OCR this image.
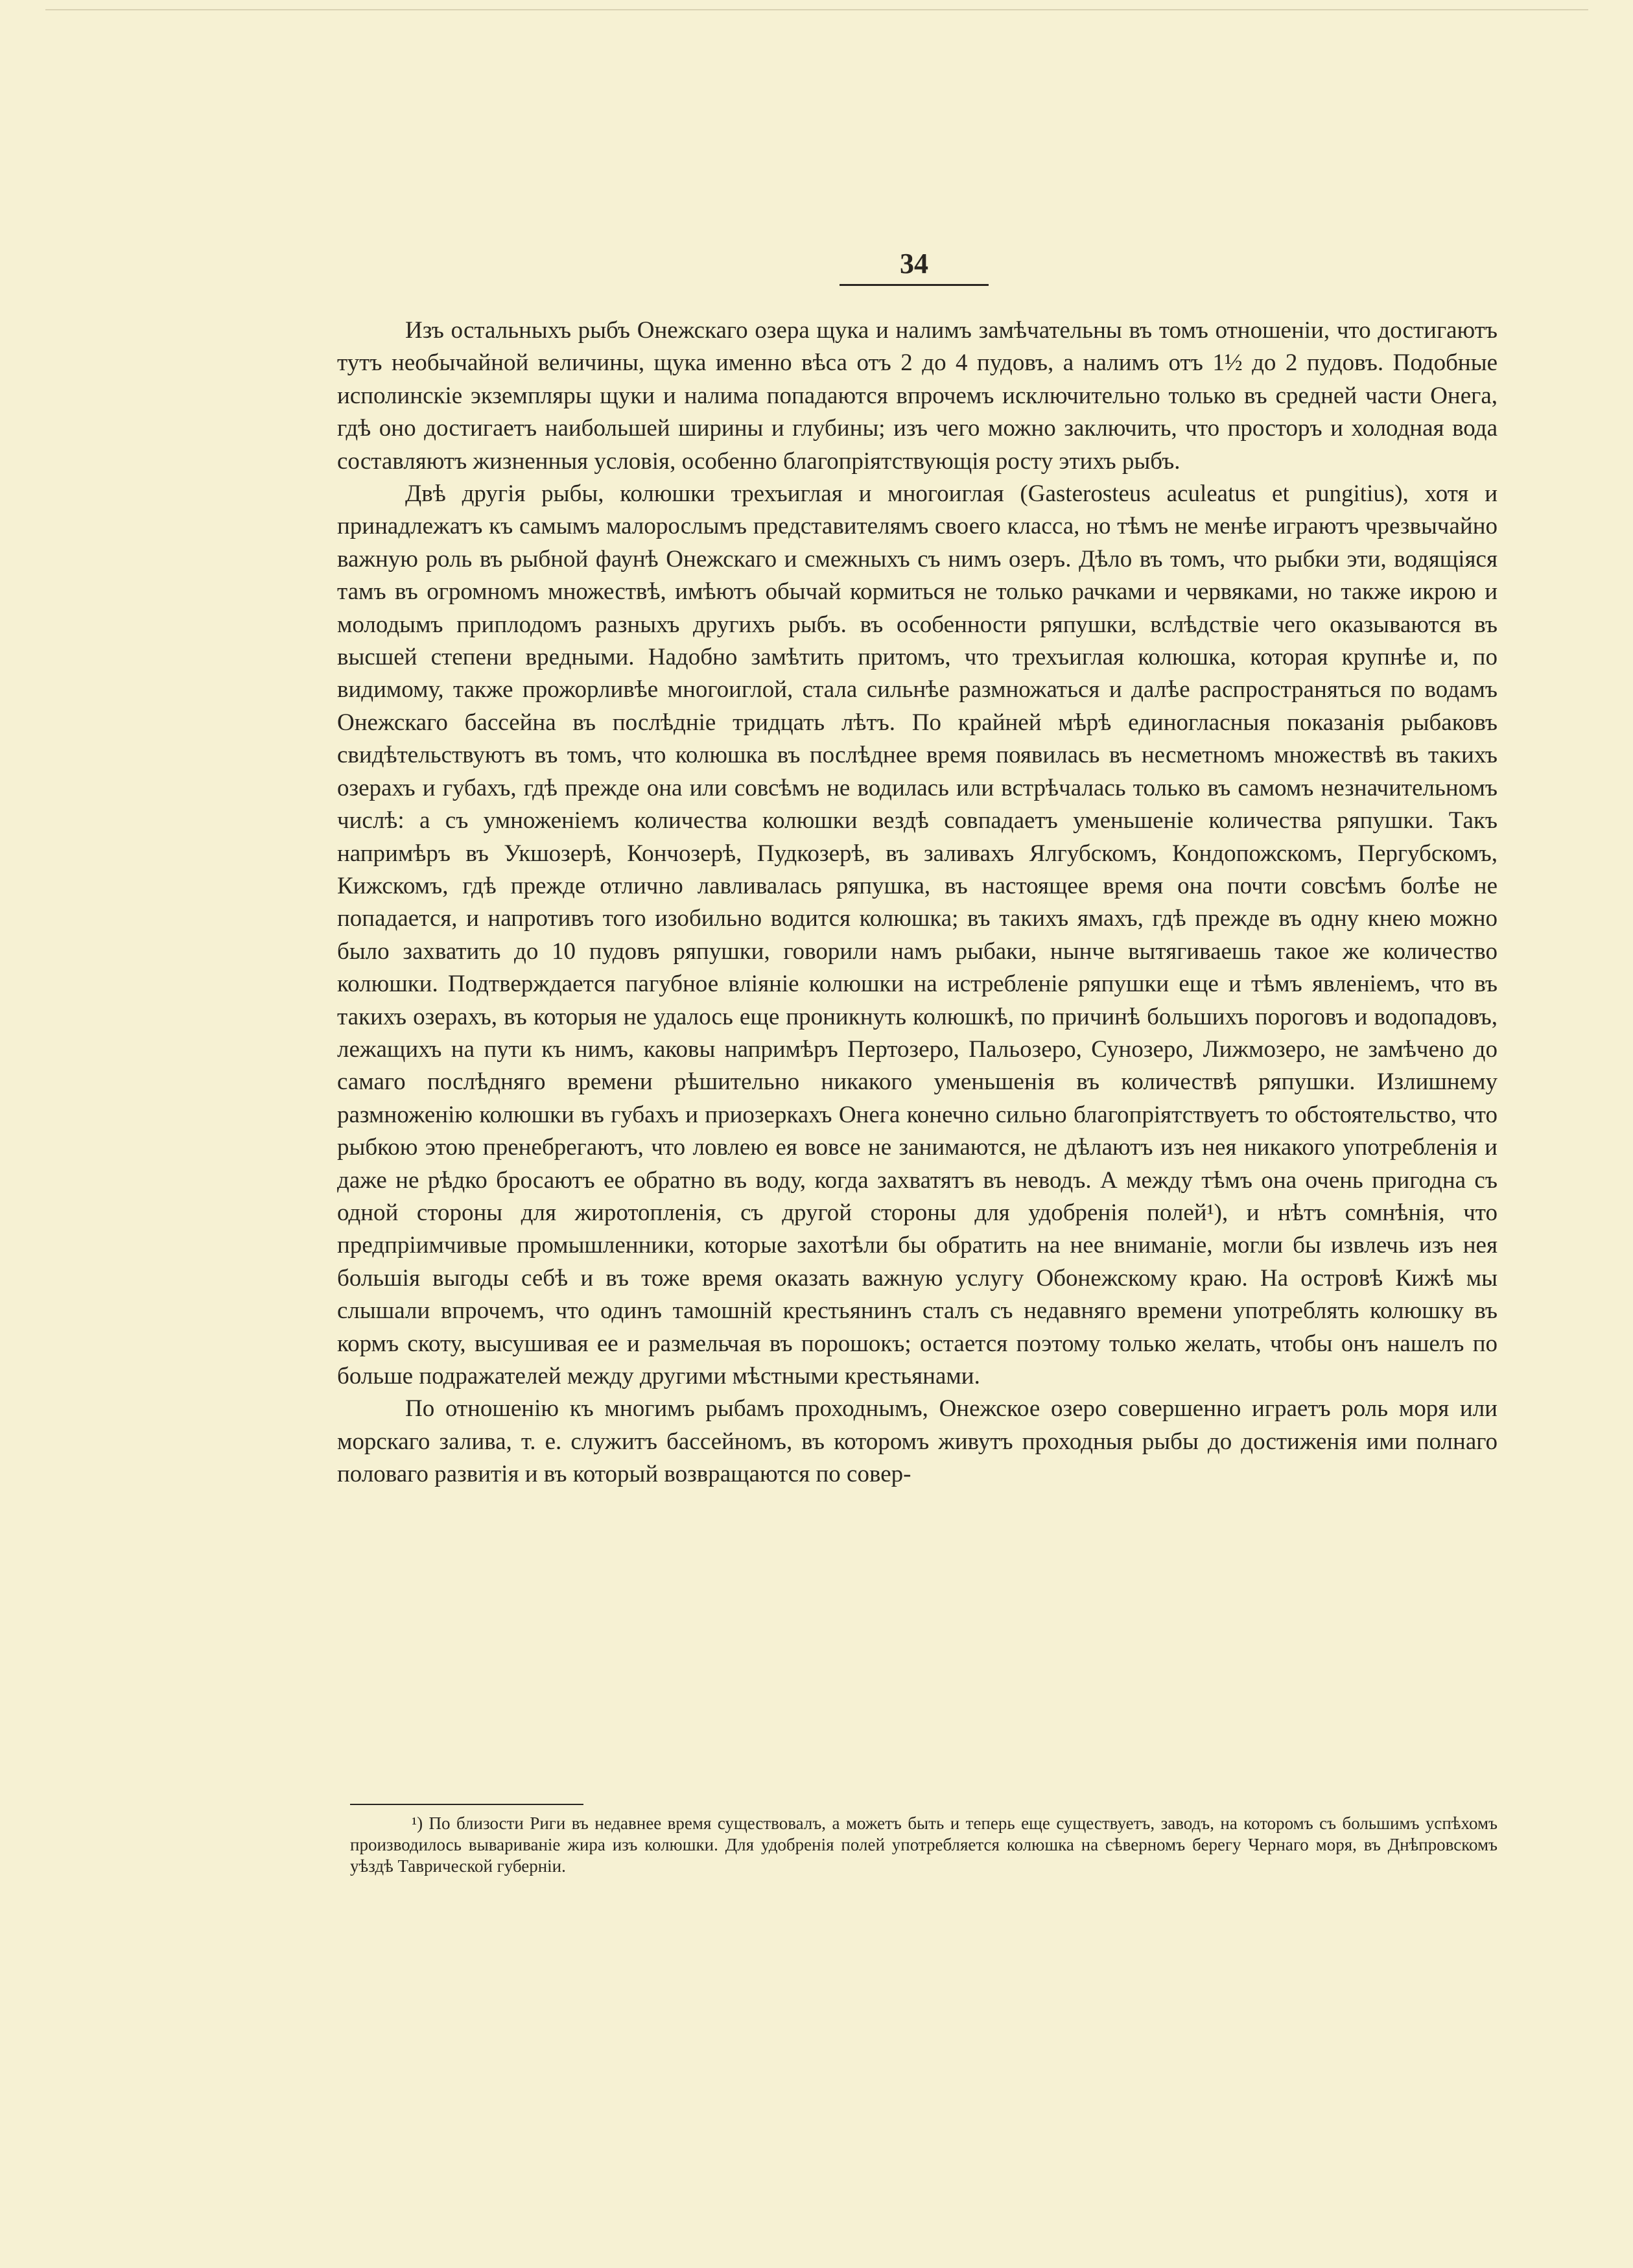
34

Изъ остальныхъ рыбъ Онежскаго озера щука и налимъ замѣчательны въ томъ отношеніи, что достигаютъ тутъ необычайной величины, щука именно вѣса отъ 2 до 4 пудовъ, а налимъ отъ 1½ до 2 пудовъ. Подобные исполинскіе экземпляры щуки и налима попадаются впрочемъ исключительно только въ средней части Онега, гдѣ оно достигаетъ наибольшей ширины и глубины; изъ чего можно заключить, что просторъ и холодная вода составляютъ жизненныя условія, особенно благопріятствующія росту этихъ рыбъ.

Двѣ другія рыбы, колюшки трехъиглая и многоиглая (Gasterosteus aculeatus et pungitius), хотя и принадлежатъ къ самымъ малорослымъ представителямъ своего класса, но тѣмъ не менѣе играютъ чрезвычайно важную роль въ рыбной фаунѣ Онежскаго и смежныхъ съ нимъ озеръ. Дѣло въ томъ, что рыбки эти, водящіяся тамъ въ огромномъ множествѣ, имѣютъ обычай кормиться не только рачками и червяками, но также икрою и молодымъ приплодомъ разныхъ другихъ рыбъ. въ особенности ряпушки, вслѣдствіе чего оказываются въ высшей степени вредными. Надобно замѣтить притомъ, что трехъиглая колюшка, которая крупнѣе и, по видимому, также прожорливѣе многоиглой, стала сильнѣе размножаться и далѣе распространяться по водамъ Онежскаго бассейна въ послѣдніе тридцать лѣтъ. По крайней мѣрѣ единогласныя показанія рыбаковъ свидѣтельствуютъ въ томъ, что колюшка въ послѣднее время появилась въ несметномъ множествѣ въ такихъ озерахъ и губахъ, гдѣ прежде она или совсѣмъ не водилась или встрѣчалась только въ самомъ незначительномъ числѣ: а съ умноженіемъ количества колюшки вездѣ совпадаетъ уменьшеніе количества ряпушки. Такъ напримѣръ въ Укшозерѣ, Кончозерѣ, Пудкозерѣ, въ заливахъ Ялгубскомъ, Кондопожскомъ, Пергубскомъ, Кижскомъ, гдѣ прежде отлично лавливалась ряпушка, въ настоящее время она почти совсѣмъ болѣе не попадается, и напротивъ того изобильно водится колюшка; въ такихъ ямахъ, гдѣ прежде въ одну кнею можно было захватить до 10 пудовъ ряпушки, говорили намъ рыбаки, нынче вытягиваешь такое же количество колюшки. Подтверждается пагубное вліяніе колюшки на истребленіе ряпушки еще и тѣмъ явленіемъ, что въ такихъ озерахъ, въ которыя не удалось еще проникнуть колюшкѣ, по причинѣ большихъ пороговъ и водопадовъ, лежащихъ на пути къ нимъ, каковы напримѣръ Пертозеро, Пальозеро, Сунозеро, Лижмозеро, не замѣчено до самаго послѣдняго времени рѣшительно никакого уменьшенія въ количествѣ ряпушки. Излишнему размноженію колюшки въ губахъ и приозеркахъ Онега конечно сильно благопріятствуетъ то обстоятельство, что рыбкою этою пренебрегаютъ, что ловлею ея вовсе не занимаются, не дѣлаютъ изъ нея никакого употребленія и даже не рѣдко бросаютъ ее обратно въ воду, когда захватятъ въ неводъ. А между тѣмъ она очень пригодна съ одной стороны для жиротопленія, съ другой стороны для удобренія полей¹), и нѣтъ сомнѣнія, что предпріимчивые промышленники, которые захотѣли бы обратить на нее вниманіе, могли бы извлечь изъ нея большія выгоды себѣ и въ тоже время оказать важную услугу Обонежскому краю. На островѣ Кижѣ мы слышали впрочемъ, что одинъ тамошній крестьянинъ сталъ съ недавняго времени употреблять колюшку въ кормъ скоту, высушивая ее и размельчая въ порошокъ; остается поэтому только желать, чтобы онъ нашелъ по больше подражателей между другими мѣстными крестьянами.

По отношенію къ многимъ рыбамъ проходнымъ, Онежское озеро совершенно играетъ роль моря или морскаго залива, т. е. служитъ бассейномъ, въ которомъ живутъ проходныя рыбы до достиженія ими полнаго половаго развитія и въ который возвращаются по совер-

¹) По близости Риги въ недавнее время существовалъ, а можетъ быть и теперь еще существуетъ, заводъ, на которомъ съ большимъ успѣхомъ производилось вывариваніе жира изъ колюшки. Для удобренія полей употребляется колюшка на сѣверномъ берегу Чернаго моря, въ Днѣпровскомъ уѣздѣ Таврической губерніи.
